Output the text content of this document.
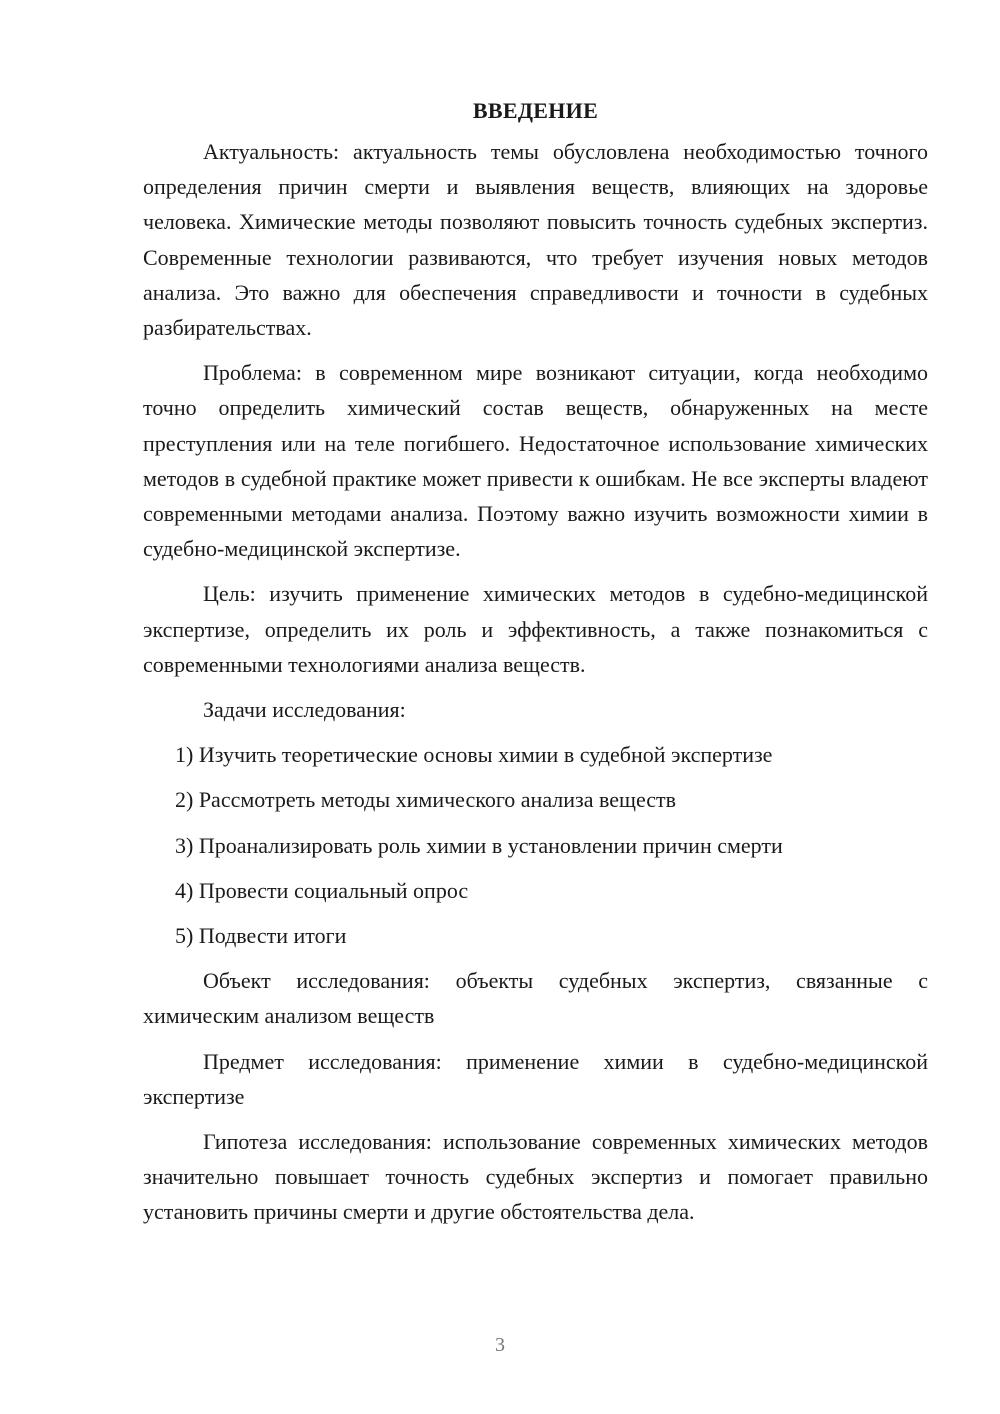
ВВЕДЕНИЕ

Актуальность: актуальность темы обусловлена необходимостью точного определения причин смерти и выявления веществ, влияющих на здоровье человека. Химические методы позволяют повысить точность судебных экспертиз. Современные технологии развиваются, что требует изучения новых методов анализа. Это важно для обеспечения справедливости и точности в судебных разбирательствах.

Проблема: в современном мире возникают ситуации, когда необходимо точно определить химический состав веществ, обнаруженных на месте преступления или на теле погибшего. Недостаточное использование химических методов в судебной практике может привести к ошибкам. Не все эксперты владеют современными методами анализа. Поэтому важно изучить возможности химии в судебно-медицинской экспертизе.

Цель: изучить применение химических методов в судебно-медицинской экспертизе, определить их роль и эффективность, а также познакомиться с современными технологиями анализа веществ.

Задачи исследования:

1) Изучить теоретические основы химии в судебной экспертизе
2) Рассмотреть методы химического анализа веществ
3) Проанализировать роль химии в установлении причин смерти
4) Провести социальный опрос
5) Подвести итоги

Объект исследования: объекты судебных экспертиз, связанные с химическим анализом веществ

Предмет исследования: применение химии в судебно-медицинской экспертизе

Гипотеза исследования: использование современных химических методов значительно повышает точность судебных экспертиз и помогает правильно установить причины смерти и другие обстоятельства дела.

3
